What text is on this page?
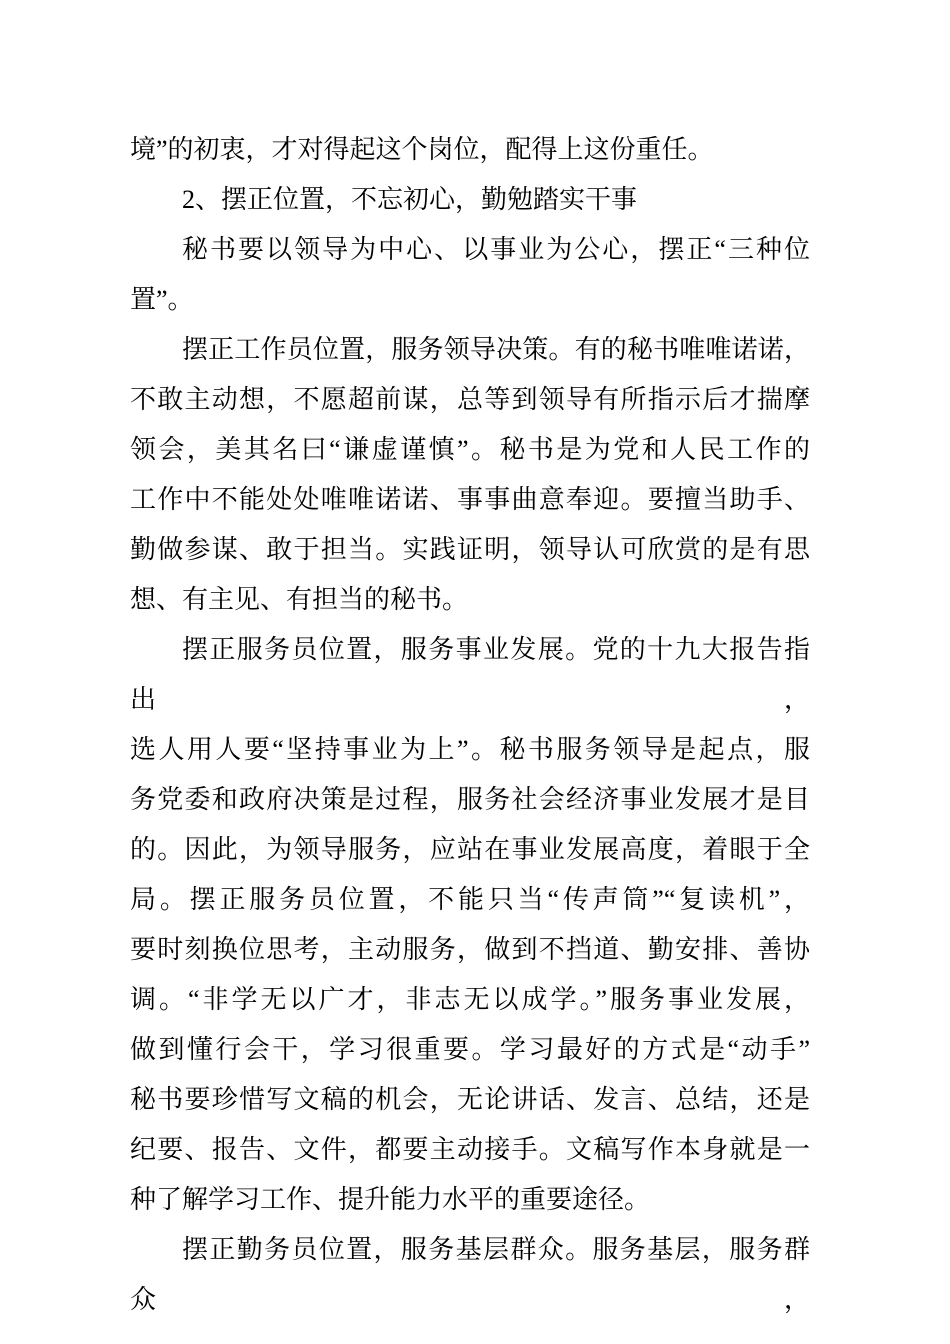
境”的初衷，才对得起这个岗位，配得上这份重任。
2、摆正位置，不忘初心，勤勉踏实干事
秘书要以领导为中心、以事业为公心，摆正“三种位
置”。
摆正工作员位置，服务领导决策。有的秘书唯唯诺诺，
不敢主动想，不愿超前谋，总等到领导有所指示后才揣摩
领会，美其名曰“谦虚谨慎”。秘书是为党和人民工作的
工作中不能处处唯唯诺诺、事事曲意奉迎。要擅当助手、
勤做参谋、敢于担当。实践证明，领导认可欣赏的是有思
想、有主见、有担当的秘书。
摆正服务员位置，服务事业发展。党的十九大报告指出，
选人用人要“坚持事业为上”。秘书服务领导是起点，服
务党委和政府决策是过程，服务社会经济事业发展才是目
的。因此，为领导服务，应站在事业发展高度，着眼于全
局。摆正服务员位置，不能只当“传声筒”“复读机”，
要时刻换位思考，主动服务，做到不挡道、勤安排、善协
调。“非学无以广才，非志无以成学。”服务事业发展，
做到懂行会干，学习很重要。学习最好的方式是“动手”
秘书要珍惜写文稿的机会，无论讲话、发言、总结，还是
纪要、报告、文件，都要主动接手。文稿写作本身就是一
种了解学习工作、提升能力水平的重要途径。
摆正勤务员位置，服务基层群众。服务基层，服务群众，
